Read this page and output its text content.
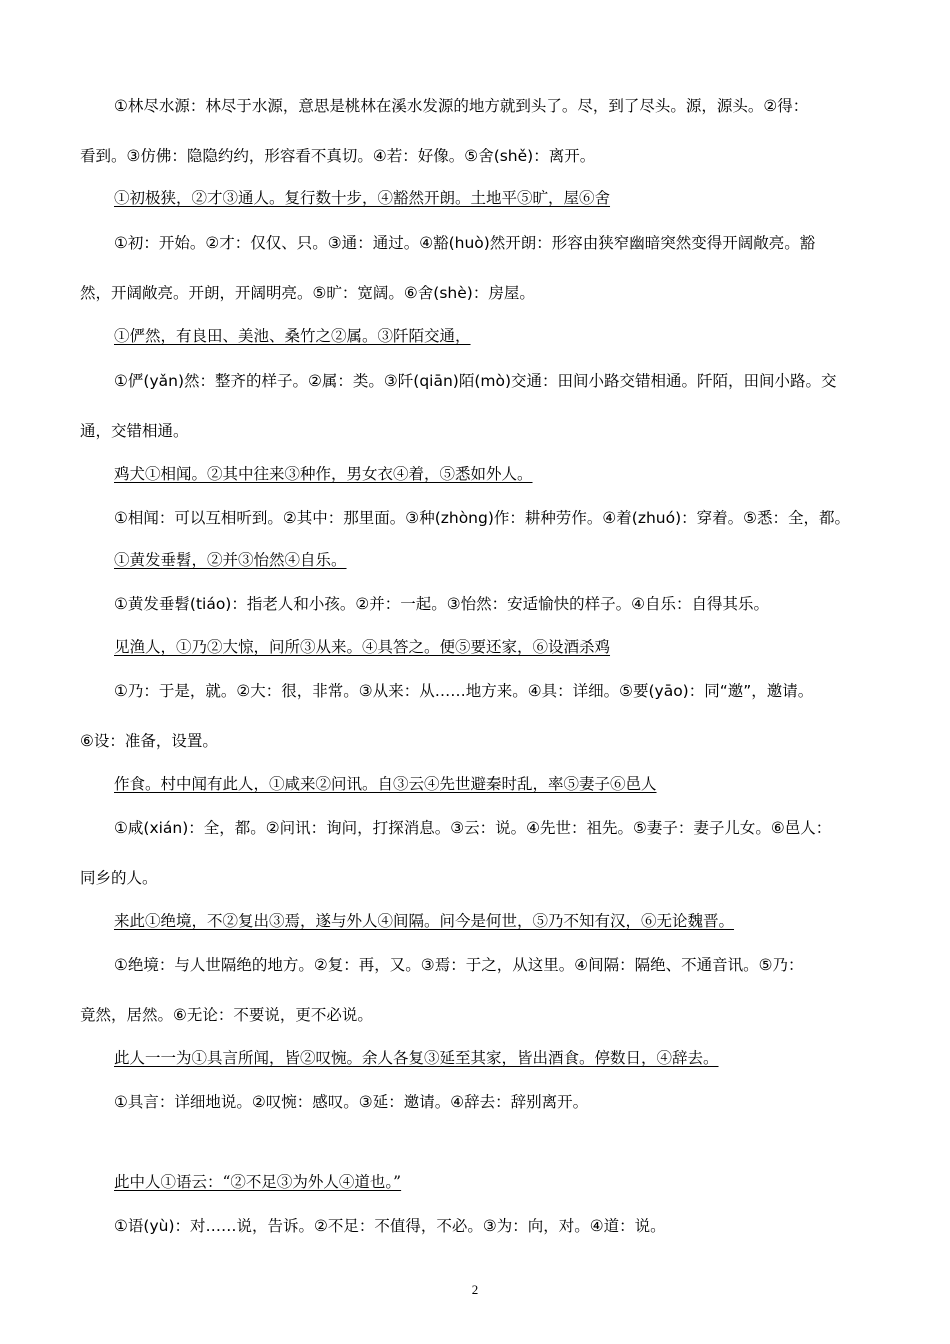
①林尽水源：林尽于水源，意思是桃林在溪水发源的地方就到头了。尽，到了尽头。源，源头。②得：
看到。③仿佛：隐隐约约，形容看不真切。④若：好像。⑤舍(shě)：离开。
①初极狭，②才③通人。复行数十步，④豁然开朗。土地平⑤旷，屋⑥舍
①初：开始。②才：仅仅、只。③通：通过。④豁(huò)然开朗：形容由狭窄幽暗突然变得开阔敞亮。豁
然，开阔敞亮。开朗，开阔明亮。⑤旷：宽阔。⑥舍(shè)：房屋。
①俨然，有良田、美池、桑竹之②属。③阡陌交通，
①俨(yǎn)然：整齐的样子。②属：类。③阡(qiān)陌(mò)交通：田间小路交错相通。阡陌，田间小路。交
通，交错相通。
鸡犬①相闻。②其中往来③种作，男女衣④着，⑤悉如外人。
①相闻：可以互相听到。②其中：那里面。③种(zhòng)作：耕种劳作。④着(zhuó)：穿着。⑤悉：全，都。
①黄发垂髫，②并③怡然④自乐。
①黄发垂髫(tiáo)：指老人和小孩。②并：一起。③怡然：安适愉快的样子。④自乐：自得其乐。
见渔人，①乃②大惊，问所③从来。④具答之。便⑤要还家，⑥设酒杀鸡
①乃：于是，就。②大：很，非常。③从来：从……地方来。④具：详细。⑤要(yāo)：同“邀”，邀请。
⑥设：准备，设置。
作食。村中闻有此人，①咸来②问讯。自③云④先世避秦时乱，率⑤妻子⑥邑人
①咸(xián)：全，都。②问讯：询问，打探消息。③云：说。④先世：祖先。⑤妻子：妻子儿女。⑥邑人：
同乡的人。
来此①绝境，不②复出③焉，遂与外人④间隔。问今是何世，⑤乃不知有汉，⑥无论魏晋。
①绝境：与人世隔绝的地方。②复：再，又。③焉：于之，从这里。④间隔：隔绝、不通音讯。⑤乃：
竟然，居然。⑥无论：不要说，更不必说。
此人一一为①具言所闻，皆②叹惋。余人各复③延至其家，皆出酒食。停数日，④辞去。
①具言：详细地说。②叹惋：感叹。③延：邀请。④辞去：辞别离开。
此中人①语云：“②不足③为外人④道也。”
①语(yù)：对……说，告诉。②不足：不值得，不必。③为：向，对。④道：说。
2
